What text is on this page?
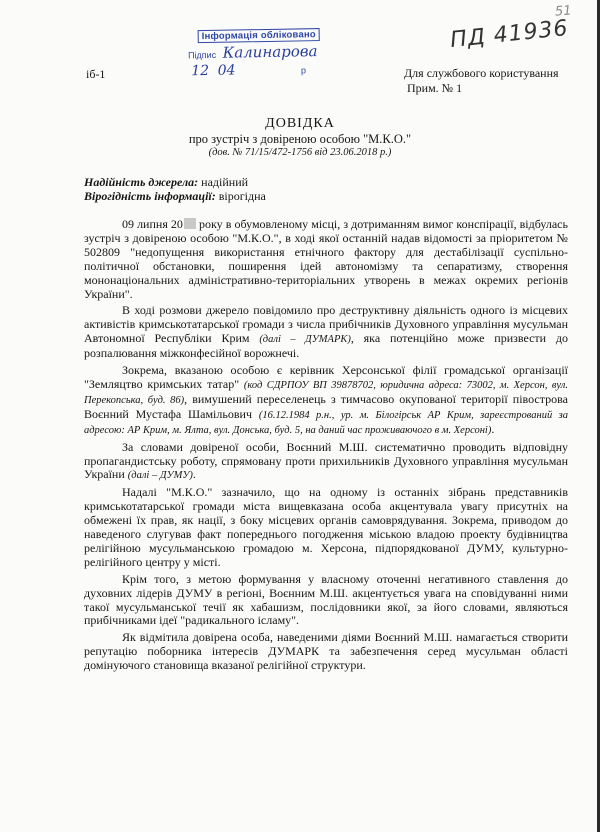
51
Інформація обліковано
Підпис Калинарова
12 04	р
ПД 41936
іб-1	Для службового користування
Прим. № 1
ДОВІДКА
про зустріч з довіреною особою "М.К.О."
(дов. № 71/15/472-1756 від 23.06.2018 р.)
Надійність джерела: надійний
Вірогідність інформації: вірогідна

09 липня 20 року в обумовленому місці, з дотриманням вимог конспірації, відбулась зустріч з довіреною особою "М.К.О.", в ході якої останній надав відомості за пріоритетом № 502809 "недопущення використання етнічного фактору для дестабілізації суспільно-політичної обстановки, поширення ідей автономізму та сепаратизму, створення мононаціональних адміністративно-територіальних утворень в межах окремих регіонів України".

В ході розмови джерело повідомило про деструктивну діяльність одного із місцевих активістів кримськотатарської громади з числа прибічників Духовного управління мусульман Автономної Республіки Крим (далі – ДУМАРК), яка потенційно може призвести до розпалювання міжконфесійної ворожнечі.

Зокрема, вказаною особою є керівник Херсонської філії громадської організації "Земляцтво кримських татар" (код СДРПОУ ВП 39878702, юридична адреса: 73002, м. Херсон, вул. Перекопська, буд. 86), вимушений переселенець з тимчасово окупованої території півострова Воєнний Мустафа Шамільович (16.12.1984 р.н., ур. м. Білогірськ АР Крим, зареєстрований за адресою: АР Крим, м. Ялта, вул. Донська, буд. 5, на даний час проживаючого в м. Херсоні).

За словами довіреної особи, Воєнний М.Ш. систематично проводить відповідну пропагандистську роботу, спрямовану проти прихильників Духовного управління мусульман України (далі – ДУМУ).

Надалі "М.К.О." зазначило, що на одному із останніх зібрань представників кримськотатарської громади міста вищевказана особа акцентувала увагу присутніх на обмежені їх прав, як нації, з боку місцевих органів самоврядування. Зокрема, приводом до наведеного слугував факт попереднього погодження міською владою проекту будівництва релігійною мусульманською громадою м. Херсона, підпорядкованої ДУМУ, культурно-релігійного центру у місті.

Крім того, з метою формування у власному оточенні негативного ставлення до духовних лідерів ДУМУ в регіоні, Воєнним М.Ш. акцентується увага на сповідуванні ними такої мусульманської течії як хабашизм, послідовники якої, за його словами, являються прибічниками ідеї "радикального ісламу".

Як відмітила довірена особа, наведеними діями Воєнний М.Ш. намагається створити репутацію поборника інтересів ДУМАРК та забезпечення серед мусульман області домінуючого становища вказаної релігійної структури.
